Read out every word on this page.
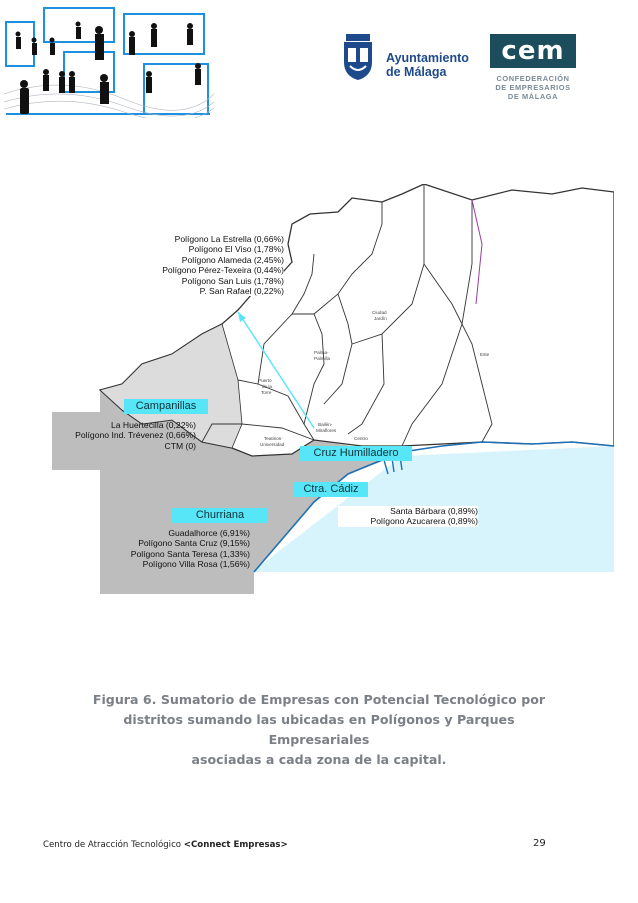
Ayuntamiento
de Málaga
cem
CONFEDERACIÓN
DE EMPRESARIOS
DE MÁLAGA
Ciudad
Jardín
Este
Palma-
Palmilla
Puerto
de la
Torre
Teatinos-
Universidad
Bailén-
Miraflores
Centro
Polígono La Estrella (0,66%)
Polígono El Viso (1,78%)
Polígono Alameda (2,45%)
Polígono Pérez-Texeira (0,44%)
Polígono San Luis (1,78%)
P. San Rafael (0,22%)
La Huertecilla (0,22%)
Polígono Ind. Trévenez (0,66%)
CTM (0)
Guadalhorce (6,91%)
Polígono Santa Cruz (9,15%)
Polígono Santa Teresa (1,33%)
Polígono Villa Rosa (1,56%)
Santa Bárbara (0,89%)
Polígono Azucarera (0,89%)
Campanillas
Cruz Humilladero
Ctra. Cádiz
Churriana
Figura 6. Sumatorio de Empresas con Potencial Tecnológico por
distritos sumando las ubicadas en Polígonos y Parques Empresariales
asociadas a cada zona de la capital.
Centro de Atracción Tecnológico <Connect Empresas>	29
